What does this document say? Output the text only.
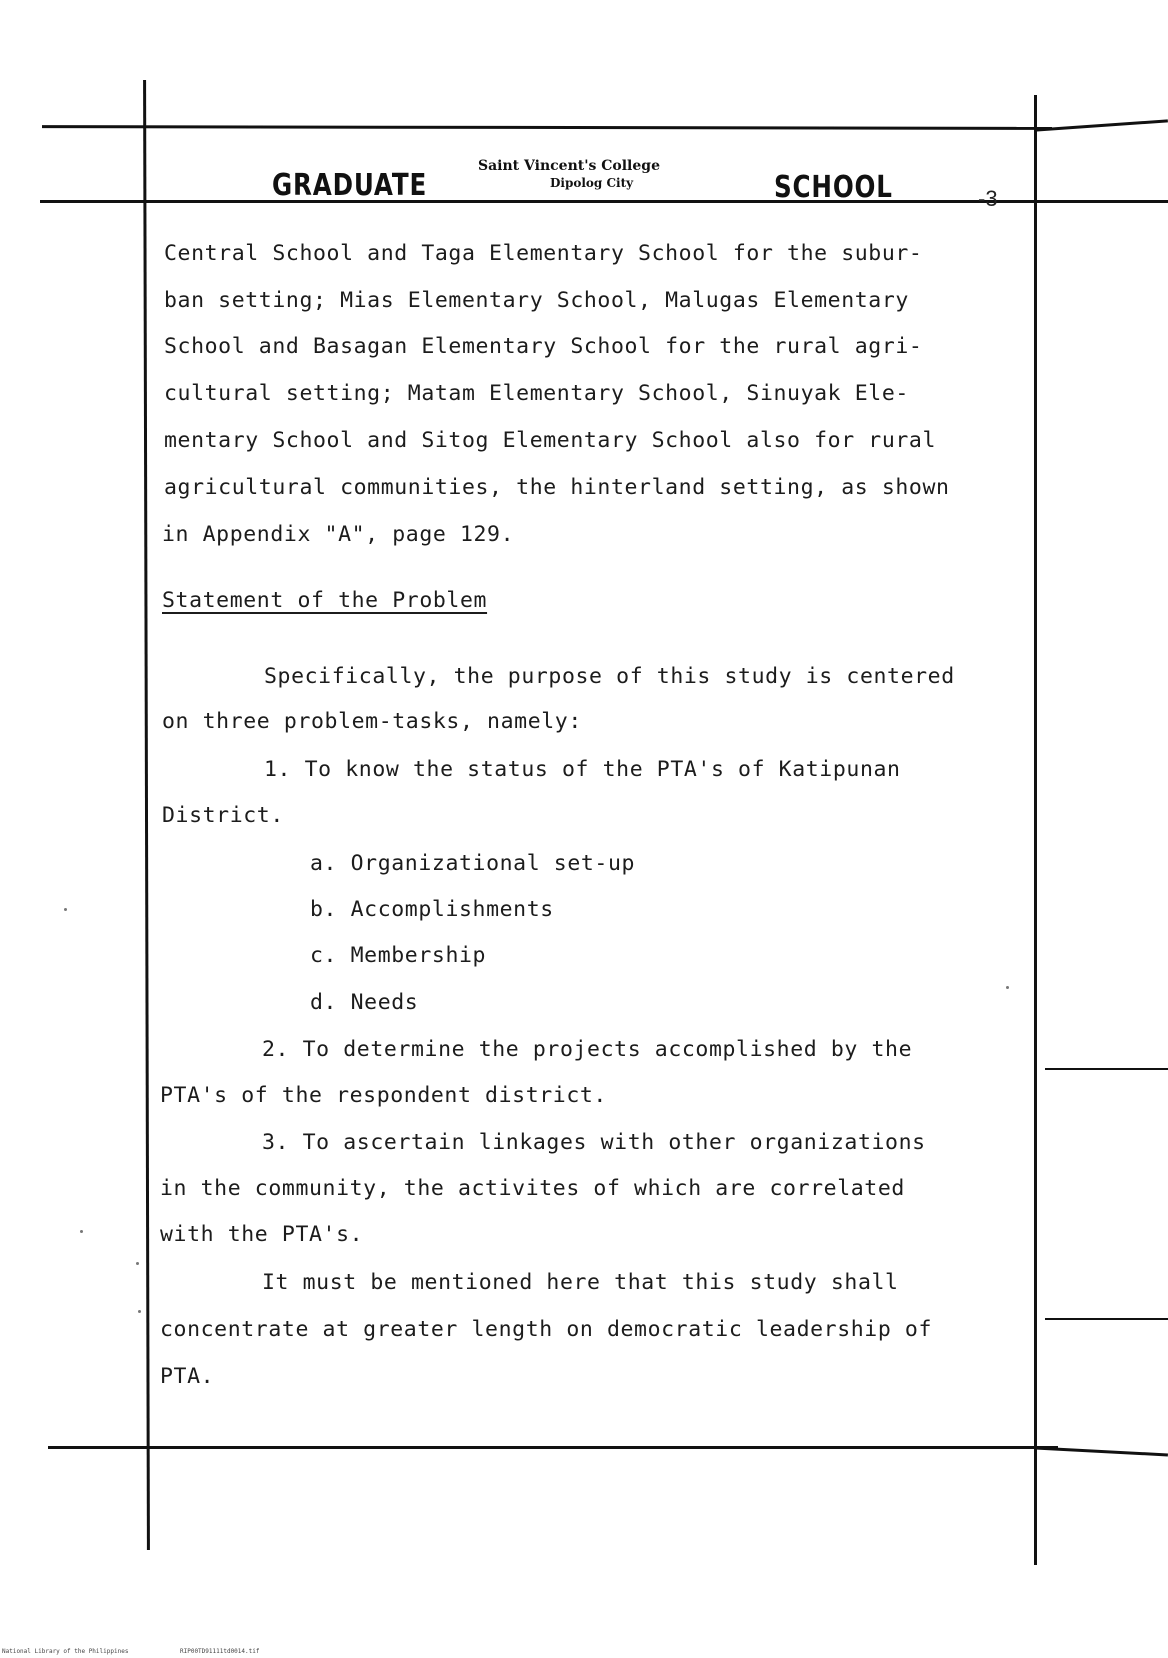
GRADUATE
Saint Vincent's College
Dipolog City	SCHOOL	-3
Central School and Taga Elementary School for the subur-
ban setting; Mias Elementary School, Malugas Elementary
School and Basagan Elementary School for the rural agri-
cultural setting; Matam Elementary School, Sinuyak Ele-
mentary School and Sitog Elementary School also for rural
agricultural communities, the hinterland setting, as shown
in Appendix "A", page 129.
Statement of the Problem
Specifically, the purpose of this study is centered
on three problem-tasks, namely:
1. To know the status of the PTA's of Katipunan
District.
a. Organizational set-up
b. Accomplishments
c. Membership
d. Needs
2. To determine the projects accomplished by the
PTA's of the respondent district.
3. To ascertain linkages with other organizations
in the community, the activites of which are correlated
with the PTA's.
It must be mentioned here that this study shall
concentrate at greater length on democratic leadership of
PTA.
National Library of the Philippines	RIP00TD91111td0014.tif
